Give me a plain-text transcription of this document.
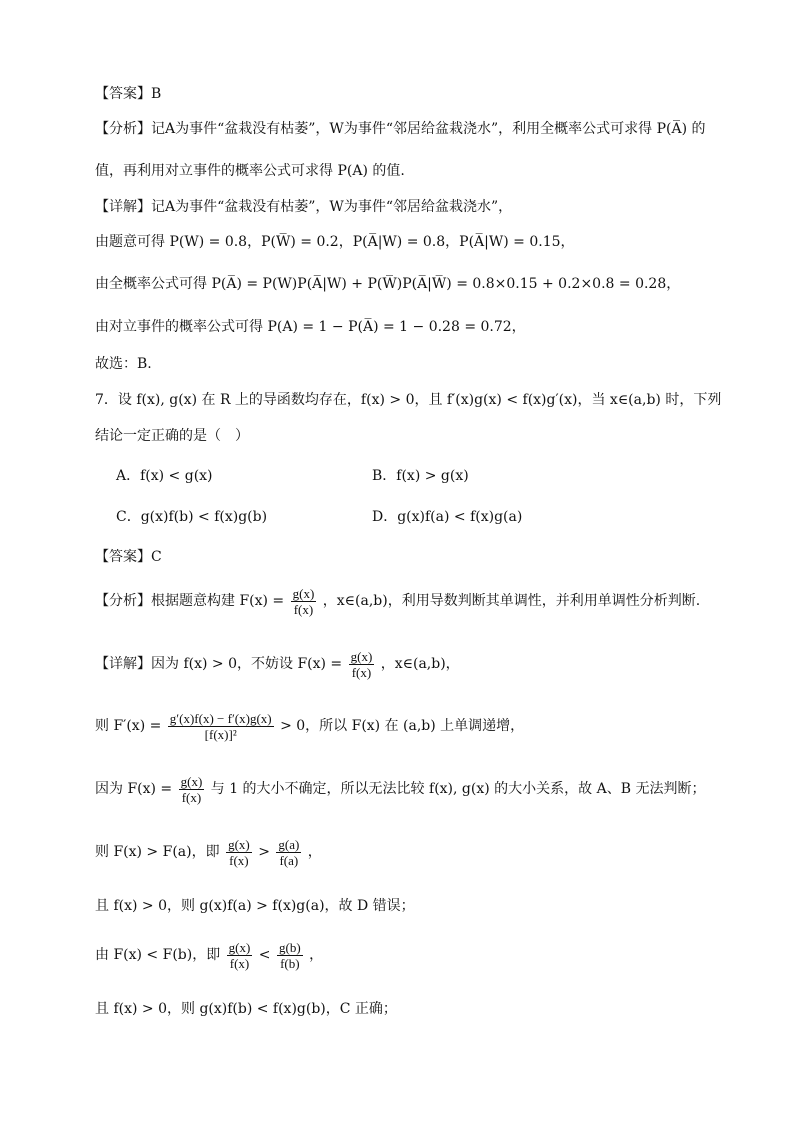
【答案】B
【分析】记A为事件“盆栽没有枯萎”，W为事件“邻居给盆栽浇水”，利用全概率公式可求得 P(A̅) 的
值，再利用对立事件的概率公式可求得 P(A) 的值.
【详解】记A为事件“盆栽没有枯萎”，W为事件“邻居给盆栽浇水”，
由题意可得 P(W) = 0.8，P(W̅) = 0.2，P(A̅|W) = 0.8，P(A̅|W) = 0.15，
由全概率公式可得 P(A̅) = P(W)P(A̅|W) + P(W̅)P(A̅|W̅) = 0.8×0.15 + 0.2×0.8 = 0.28，
由对立事件的概率公式可得 P(A) = 1 − P(A̅) = 1 − 0.28 = 0.72，
故选：B.
7．设 f(x), g(x) 在 R 上的导函数均存在，f(x) > 0，且 f′(x)g(x) < f(x)g′(x)，当 x∈(a,b) 时，下列
结论一定正确的是（　）
A．f(x) < g(x)	B．f(x) > g(x)
C．g(x)f(b) < f(x)g(b)	D．g(x)f(a) < f(x)g(a)
【答案】C
【分析】根据题意构建 $F(x) = \frac{g(x)}{f(x)}$ ，x∈(a,b)，利用导数判断其单调性，并利用单调性分析判断.
【详解】因为 f(x) > 0，不妨设 $F(x) = \frac{g(x)}{f(x)}$ ，x∈(a,b)，
则 $F'(x) = \frac{g'(x)f(x) - f'(x)g(x)}{\text{[f(x)]²}} > 0$，所以 F(x) 在 (a,b) 上单调递增，
因为 $F(x) = \frac{g(x)}{f(x)}$ 与 1 的大小不确定，所以无法比较 f(x), g(x) 的大小关系，故 A、B 无法判断；
则 F(x) > F(a)，即 $\frac{g(x)}{f(x)} > \frac{g(a)}{f(a)}$ ，
且 f(x) > 0，则 g(x)f(a) > f(x)g(a)，故 D 错误；
由 F(x) < F(b)，即 $\frac{g(x)}{f(x)} < \frac{g(b)}{f(b)}$ ，
且 f(x) > 0，则 g(x)f(b) < f(x)g(b)，C 正确；
